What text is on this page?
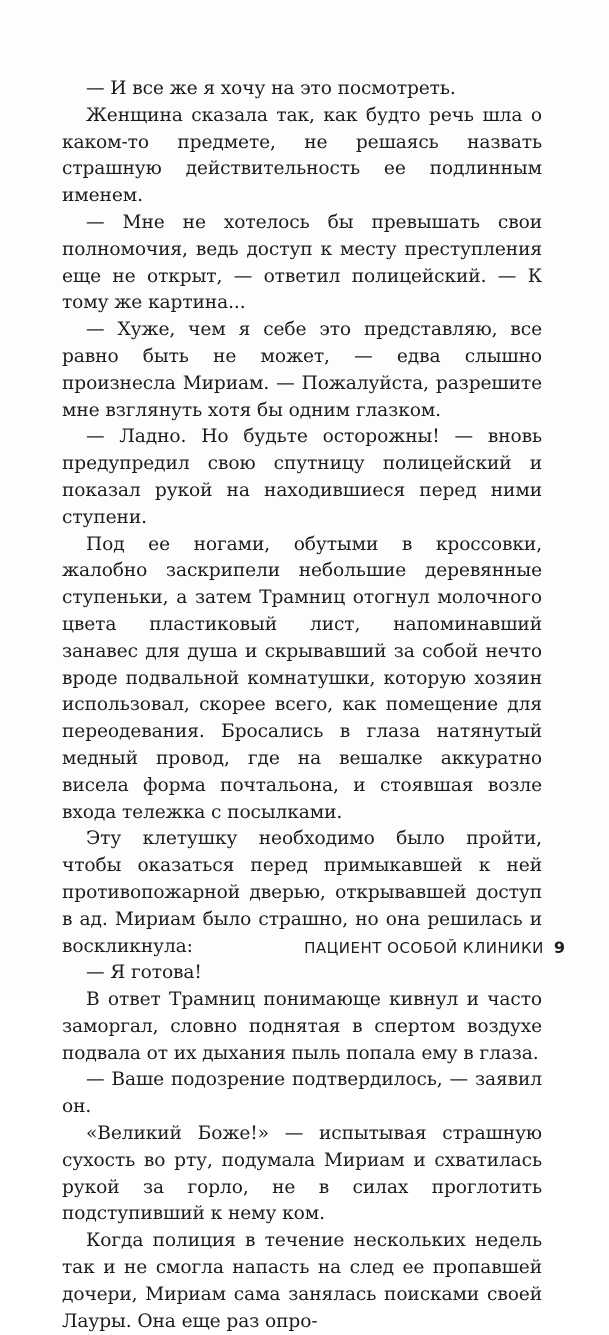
— И все же я хочу на это посмотреть.

Женщина сказала так, как будто речь шла о каком-то предмете, не решаясь назвать страшную действительность ее подлинным именем.

— Мне не хотелось бы превышать свои полномочия, ведь доступ к месту преступления еще не открыт, — ответил полицейский. — К тому же картина...

— Хуже, чем я себе это представляю, все равно быть не может, — едва слышно произнесла Мириам. — Пожалуйста, разрешите мне взглянуть хотя бы одним глазком.

— Ладно. Но будьте осторожны! — вновь предупредил свою спутницу полицейский и показал рукой на находившиеся перед ними ступени.

Под ее ногами, обутыми в кроссовки, жалобно заскрипели небольшие деревянные ступеньки, а затем Трамниц отогнул молочного цвета пластиковый лист, напоминавший занавес для душа и скрывавший за собой нечто вроде подвальной комнатушки, которую хозяин использовал, скорее всего, как помещение для переодевания. Бросались в глаза натянутый медный провод, где на вешалке аккуратно висела форма почтальона, и стоявшая возле входа тележка с посылками.

Эту клетушку необходимо было пройти, чтобы оказаться перед примыкавшей к ней противопожарной дверью, открывавшей доступ в ад. Мириам было страшно, но она решилась и воскликнула:

— Я готова!

В ответ Трамниц понимающе кивнул и часто заморгал, словно поднятая в спертом воздухе подвала от их дыхания пыль попала ему в глаза.

— Ваше подозрение подтвердилось, — заявил он.

«Великий Боже!» — испытывая страшную сухость во рту, подумала Мириам и схватилась рукой за горло, не в силах проглотить подступивший к нему ком.

Когда полиция в течение нескольких недель так и не смогла напасть на след ее пропавшей дочери, Мириам сама занялась поисками своей Лауры. Она еще раз опро-

ПАЦИЕНТ ОСОБОЙ КЛИНИКИ 9
